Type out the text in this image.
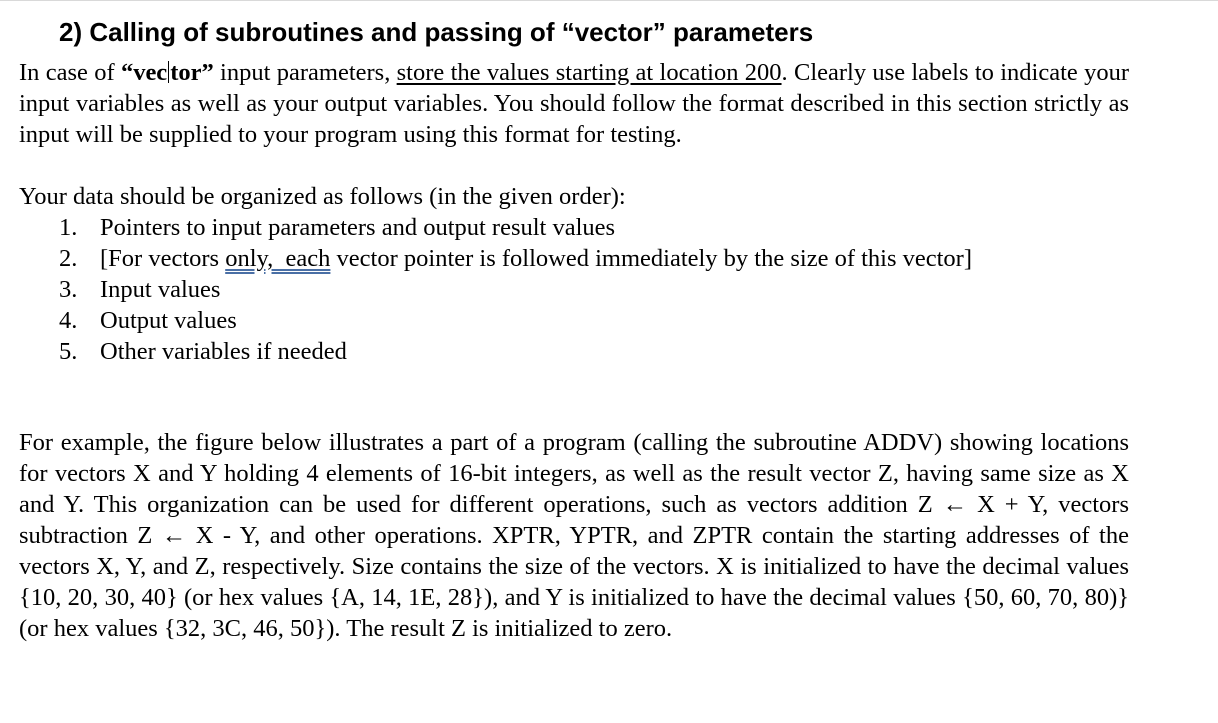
2) Calling of subroutines and passing of “vector” parameters
In case of “vec tor” input parameters, store the values starting at location 200. Clearly use labels to indicate your input variables as well as your output variables. You should follow the format described in this section strictly as input will be supplied to your program using this format for testing.
Your data should be organized as follows (in the given order):
1. Pointers to input parameters and output result values
2. [For vectors only,  each vector pointer is followed immediately by the size of this vector]
3. Input values
4. Output values
5. Other variables if needed
For example, the figure below illustrates a part of a program (calling the subroutine ADDV) showing locations for vectors X and Y holding 4 elements of 16-bit integers, as well as the result vector Z, having same size as X and Y. This organization can be used for different operations, such as vectors addition Z ← X + Y, vectors subtraction Z ← X - Y, and other operations. XPTR, YPTR, and ZPTR contain the starting addresses of the vectors X, Y, and Z, respectively. Size contains the size of the vectors. X is initialized to have the decimal values {10, 20, 30, 40} (or hex values {A, 14, 1E, 28}), and Y is initialized to have the decimal values {50, 60, 70, 80)} (or hex values {32, 3C, 46, 50}). The result Z is initialized to zero.
